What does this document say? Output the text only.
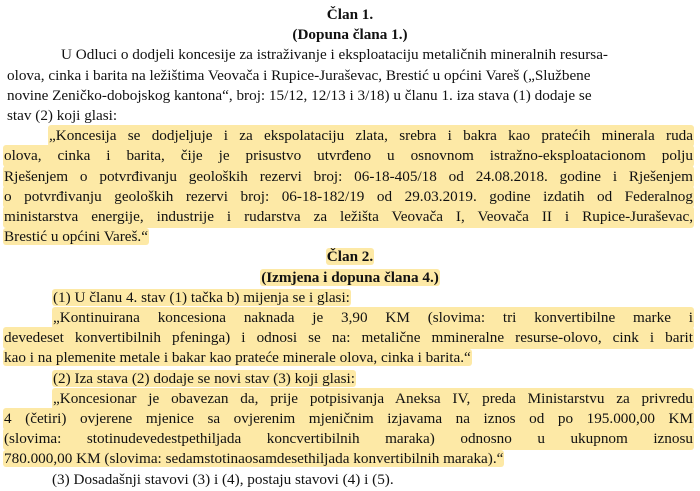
Član 1.
(Dopuna člana 1.)
U Odluci o dodjeli koncesije za istraživanje i eksploataciju metaličnih mineralnih resursa-
olova, cinka i barita na ležištima Veovača i Rupice-Juraševac, Brestić u općini Vareš („Službene
novine Zeničko-dobojskog kantona“, broj: 15/12, 12/13 i 3/18) u članu 1. iza stava (1) dodaje se
stav (2) koji glasi:
„Koncesija se dodjeljuje i za ekspolataciju zlata, srebra i bakra kao pratećih minerala ruda
olova, cinka i barita, čije je prisustvo utvrđeno u osnovnom istražno-eksploatacionom polju
Rješenjem o potvrđivanju geoloških rezervi broj: 06-18-405/18 od 24.08.2018. godine i Rješenjem
o potvrđivanju geoloških rezervi broj: 06-18-182/19 od 29.03.2019. godine izdatih od Federalnog
ministarstva energije, industrije i rudarstva za ležišta Veovača I, Veovača II i Rupice-Juraševac,
Brestić u općini Vareš.“
Član 2.
(Izmjena i dopuna člana 4.)
(1) U članu 4. stav (1) tačka b) mijenja se i glasi:
„Kontinuirana koncesiona naknada je 3,90 KM (slovima: tri konvertibilne marke i
devedeset konvertibilnih pfeninga) i odnosi se na: metalične mmineralne resurse-olovo, cink i barit
kao i na plemenite metale i bakar kao prateće minerale olova, cinka i barita.“
(2) Iza stava (2) dodaje se novi stav (3) koji glasi:
„Koncesionar je obavezan da, prije potpisivanja Aneksa IV, preda Ministarstvu za privredu
4 (četiri) ovjerene mjenice sa ovjerenim mjeničnim izjavama na iznos od po 195.000,00 KM
(slovima: stotinudevedestpethiljada koncvertibilnih maraka) odnosno u ukupnom iznosu
780.000,00 KM (slovima: sedamstotinaosamdesethiljada konvertibilnih maraka).“
(3) Dosadašnji stavovi (3) i (4), postaju stavovi (4) i (5).
